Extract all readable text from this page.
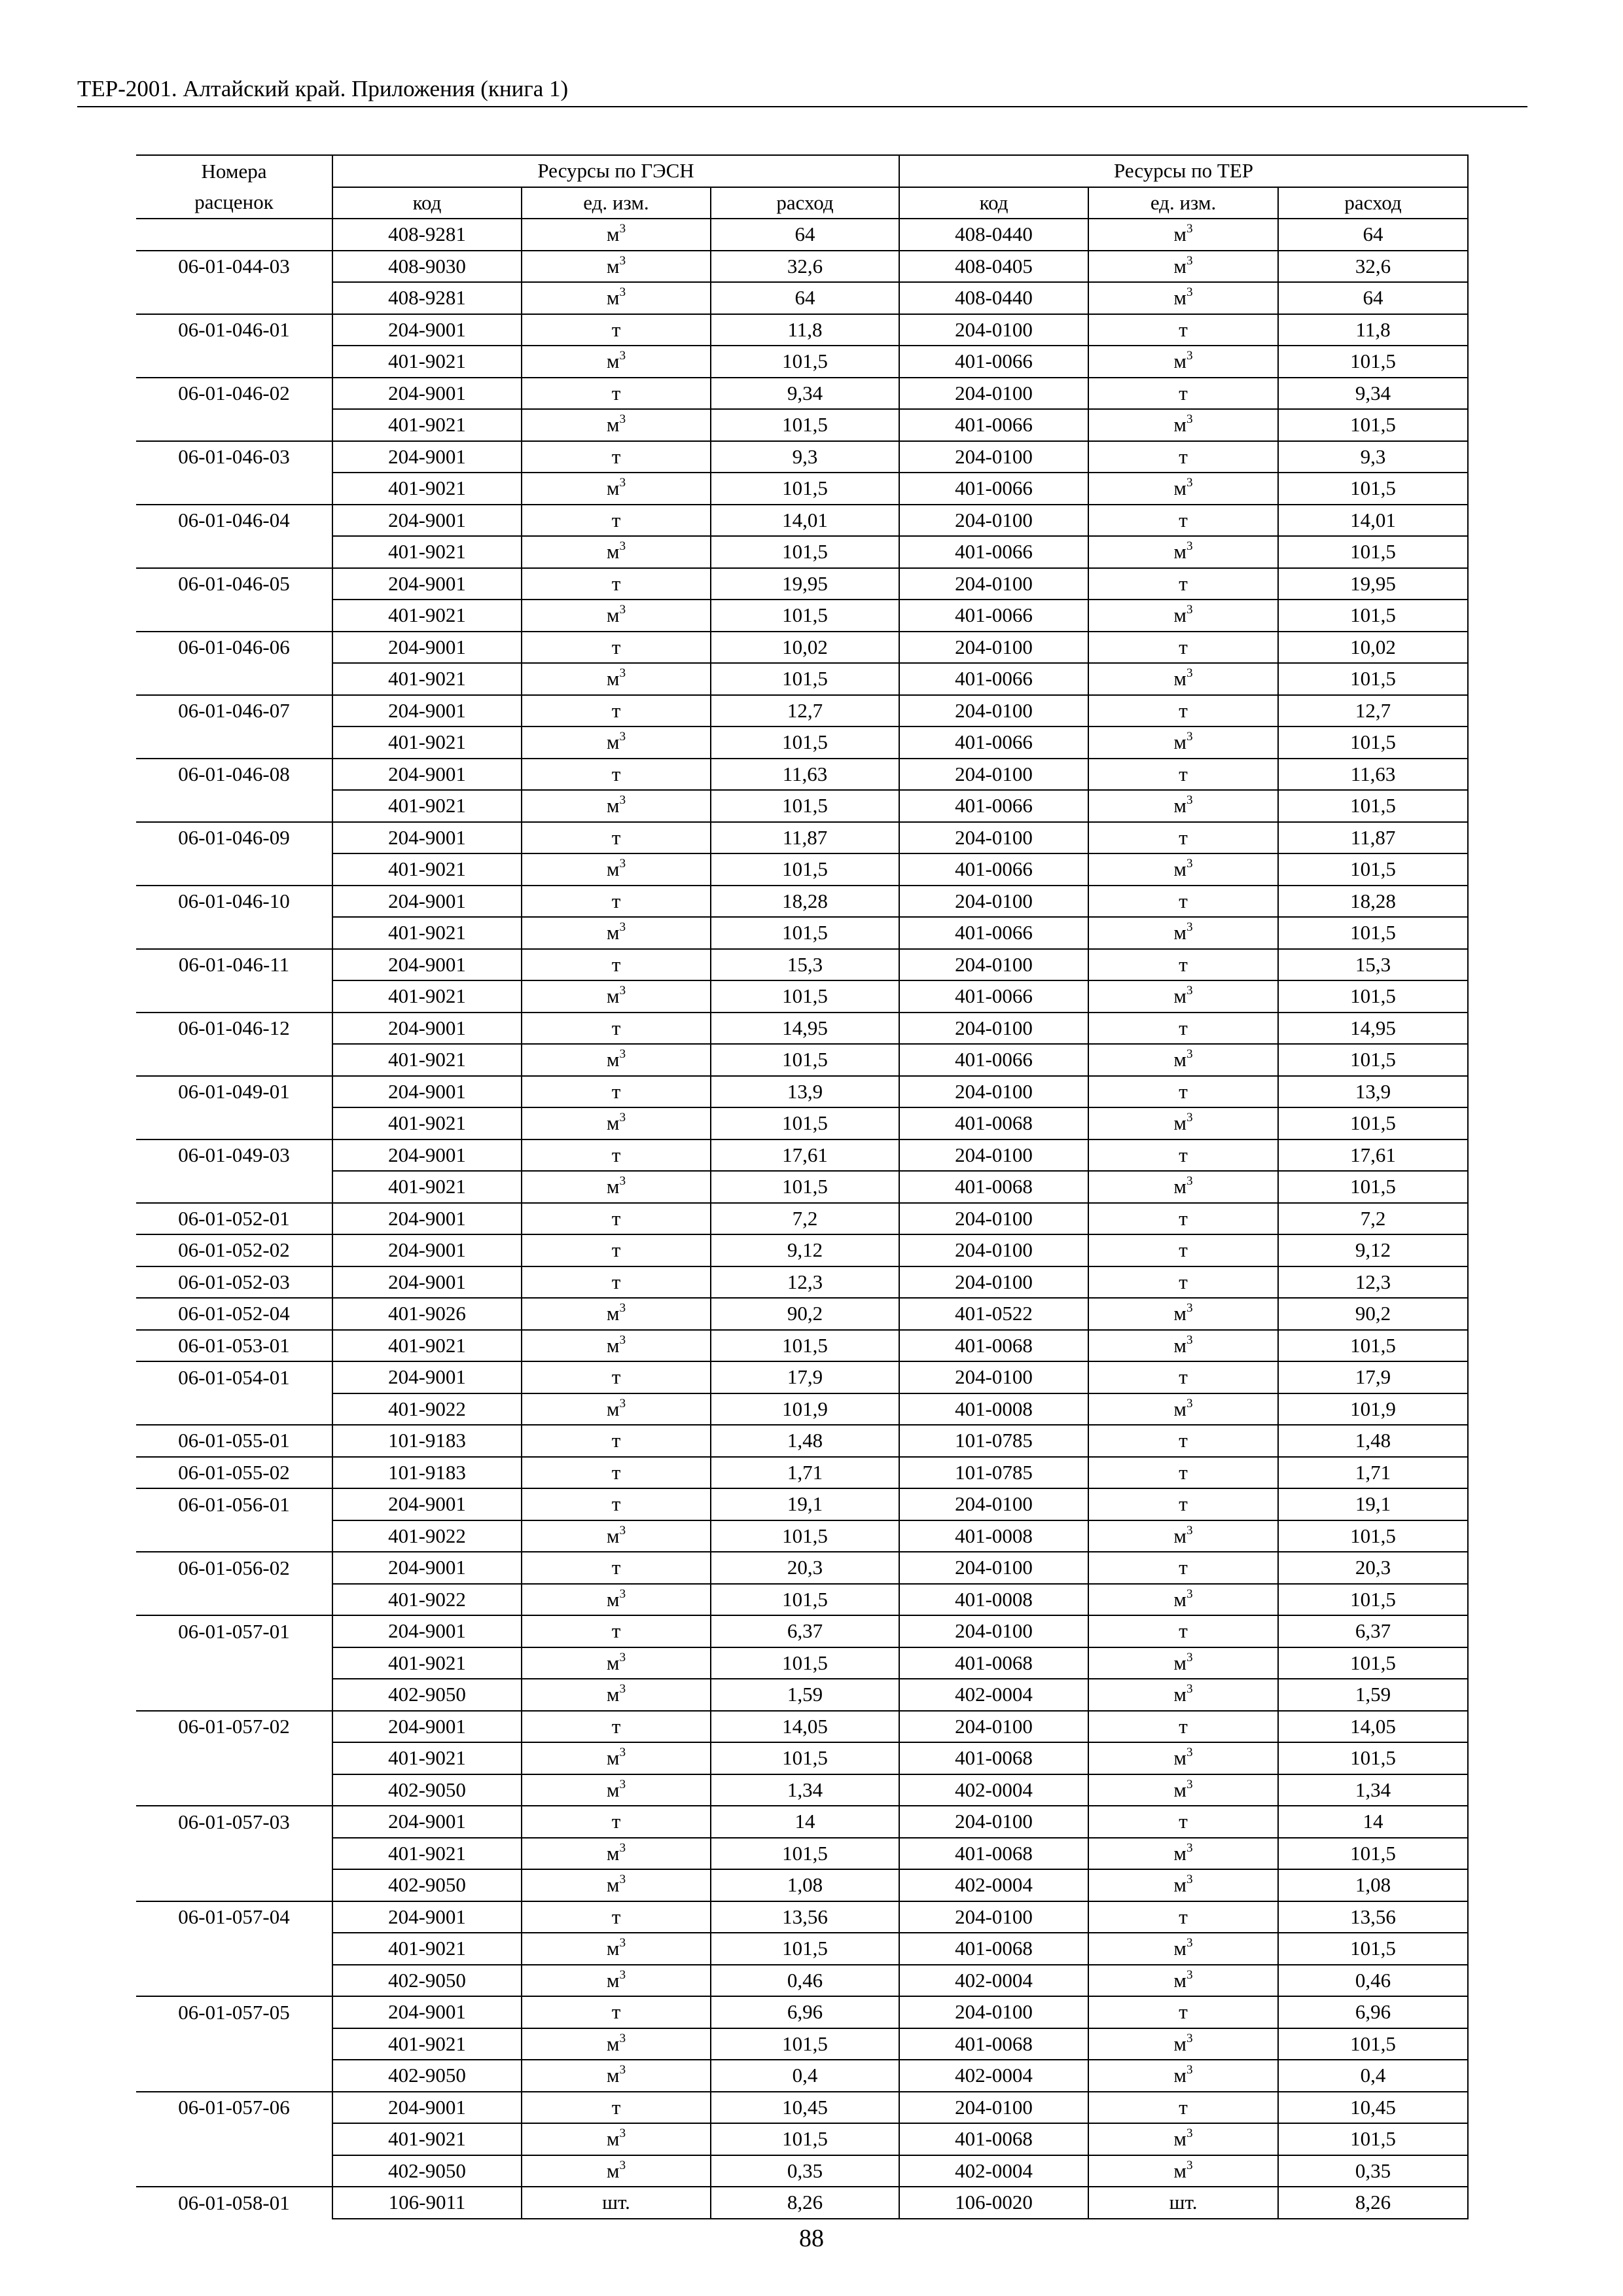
ТЕР-2001. Алтайский край. Приложения (книга 1)
Номера	Ресурсы по ГЭСН			Ресурсы по ТЕР		
расценок	код	ед. изм.	расход	код	ед. изм.	расход
	408-9281	$м^3$	64	408-0440	$м^3$	64
06-01-044-03	408-9030	$м^3$	32,6	408-0405	$м^3$	32,6
	408-9281	$м^3$	64	408-0440	$м^3$	64
06-01-046-01	204-9001	т	11,8	204-0100	т	11,8
	401-9021	$м^3$	101,5	401-0066	$м^3$	101,5
06-01-046-02	204-9001	т	9,34	204-0100	т	9,34
	401-9021	$м^3$	101,5	401-0066	$м^3$	101,5
06-01-046-03	204-9001	т	9,3	204-0100	т	9,3
	401-9021	$м^3$	101,5	401-0066	$м^3$	101,5
06-01-046-04	204-9001	т	14,01	204-0100	т	14,01
	401-9021	$м^3$	101,5	401-0066	$м^3$	101,5
06-01-046-05	204-9001	т	19,95	204-0100	т	19,95
	401-9021	$м^3$	101,5	401-0066	$м^3$	101,5
06-01-046-06	204-9001	т	10,02	204-0100	т	10,02
	401-9021	$м^3$	101,5	401-0066	$м^3$	101,5
06-01-046-07	204-9001	т	12,7	204-0100	т	12,7
	401-9021	$м^3$	101,5	401-0066	$м^3$	101,5
06-01-046-08	204-9001	т	11,63	204-0100	т	11,63
	401-9021	$м^3$	101,5	401-0066	$м^3$	101,5
06-01-046-09	204-9001	т	11,87	204-0100	т	11,87
	401-9021	$м^3$	101,5	401-0066	$м^3$	101,5
06-01-046-10	204-9001	т	18,28	204-0100	т	18,28
	401-9021	$м^3$	101,5	401-0066	$м^3$	101,5
06-01-046-11	204-9001	т	15,3	204-0100	т	15,3
	401-9021	$м^3$	101,5	401-0066	$м^3$	101,5
06-01-046-12	204-9001	т	14,95	204-0100	т	14,95
	401-9021	$м^3$	101,5	401-0066	$м^3$	101,5
06-01-049-01	204-9001	т	13,9	204-0100	т	13,9
	401-9021	$м^3$	101,5	401-0068	$м^3$	101,5
06-01-049-03	204-9001	т	17,61	204-0100	т	17,61
	401-9021	$м^3$	101,5	401-0068	$м^3$	101,5
06-01-052-01	204-9001	т	7,2	204-0100	т	7,2
06-01-052-02	204-9001	т	9,12	204-0100	т	9,12
06-01-052-03	204-9001	т	12,3	204-0100	т	12,3
06-01-052-04	401-9026	$м^3$	90,2	401-0522	$м^3$	90,2
06-01-053-01	401-9021	$м^3$	101,5	401-0068	$м^3$	101,5
06-01-054-01	204-9001	т	17,9	204-0100	т	17,9
	401-9022	$м^3$	101,9	401-0008	$м^3$	101,9
06-01-055-01	101-9183	т	1,48	101-0785	т	1,48
06-01-055-02	101-9183	т	1,71	101-0785	т	1,71
06-01-056-01	204-9001	т	19,1	204-0100	т	19,1
	401-9022	$м^3$	101,5	401-0008	$м^3$	101,5
06-01-056-02	204-9001	т	20,3	204-0100	т	20,3
	401-9022	$м^3$	101,5	401-0008	$м^3$	101,5
06-01-057-01	204-9001	т	6,37	204-0100	т	6,37
	401-9021	$м^3$	101,5	401-0068	$м^3$	101,5
	402-9050	$м^3$	1,59	402-0004	$м^3$	1,59
06-01-057-02	204-9001	т	14,05	204-0100	т	14,05
	401-9021	$м^3$	101,5	401-0068	$м^3$	101,5
	402-9050	$м^3$	1,34	402-0004	$м^3$	1,34
06-01-057-03	204-9001	т	14	204-0100	т	14
	401-9021	$м^3$	101,5	401-0068	$м^3$	101,5
	402-9050	$м^3$	1,08	402-0004	$м^3$	1,08
06-01-057-04	204-9001	т	13,56	204-0100	т	13,56
	401-9021	$м^3$	101,5	401-0068	$м^3$	101,5
	402-9050	$м^3$	0,46	402-0004	$м^3$	0,46
06-01-057-05	204-9001	т	6,96	204-0100	т	6,96
	401-9021	$м^3$	101,5	401-0068	$м^3$	101,5
	402-9050	$м^3$	0,4	402-0004	$м^3$	0,4
06-01-057-06	204-9001	т	10,45	204-0100	т	10,45
	401-9021	$м^3$	101,5	401-0068	$м^3$	101,5
	402-9050	$м^3$	0,35	402-0004	$м^3$	0,35
06-01-058-01	106-9011	шт.	8,26	106-0020	шт.	8,26
88
